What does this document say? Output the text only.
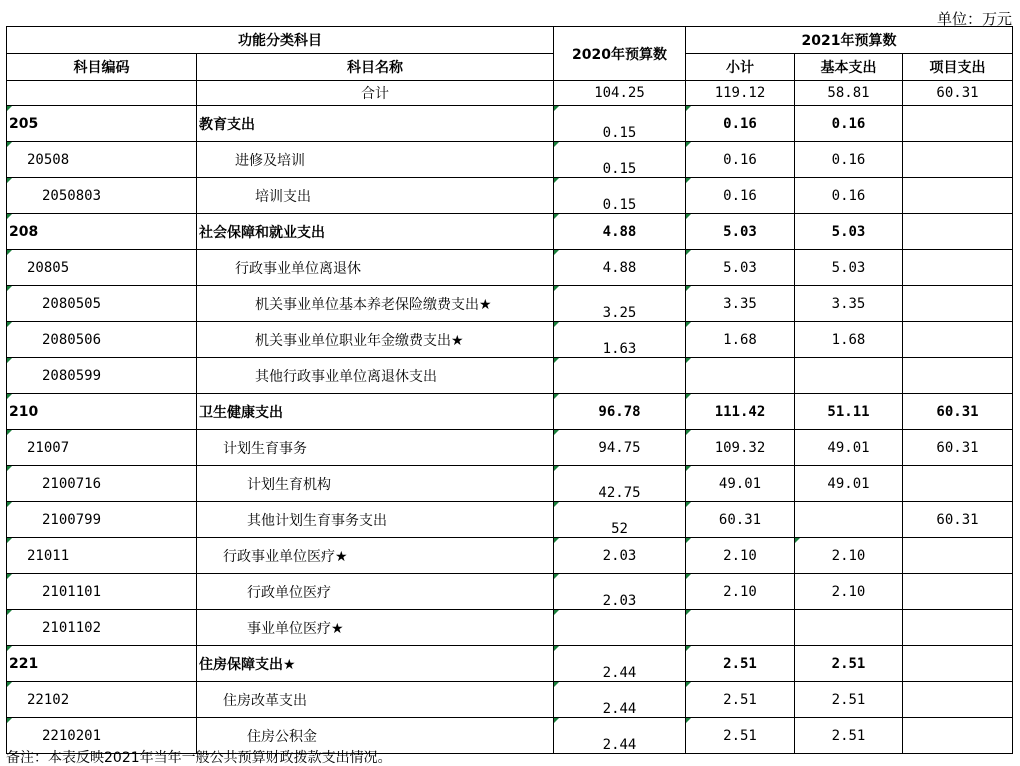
单位：万元
功能分类科目		2020年预算数	2021年预算数		
科目编码	科目名称		小计	基本支出	项目支出
	合计	104.25	119.12	58.81	60.31
205	教育支出	0.15	0.16	0.16	
20508	进修及培训	0.15	0.16	0.16	
2050803	培训支出	0.15	0.16	0.16	
208	社会保障和就业支出	4.88	5.03	5.03	
20805	行政事业单位离退休	4.88	5.03	5.03	
2080505	机关事业单位基本养老保险缴费支出★	3.25	3.35	3.35	
2080506	机关事业单位职业年金缴费支出★	1.63	1.68	1.68	
2080599	其他行政事业单位离退休支出				
210	卫生健康支出	96.78	111.42	51.11	60.31
21007	计划生育事务	94.75	109.32	49.01	60.31
2100716	计划生育机构	42.75	49.01	49.01	
2100799	其他计划生育事务支出	52	60.31		60.31
21011	行政事业单位医疗★	2.03	2.10	2.10	
2101101	行政单位医疗	2.03	2.10	2.10	
2101102	事业单位医疗★				
221	住房保障支出★	2.44	2.51	2.51	
22102	住房改革支出	2.44	2.51	2.51	
2210201	住房公积金	2.44	2.51	2.51	
备注：本表反映2021年当年一般公共预算财政拨款支出情况。
